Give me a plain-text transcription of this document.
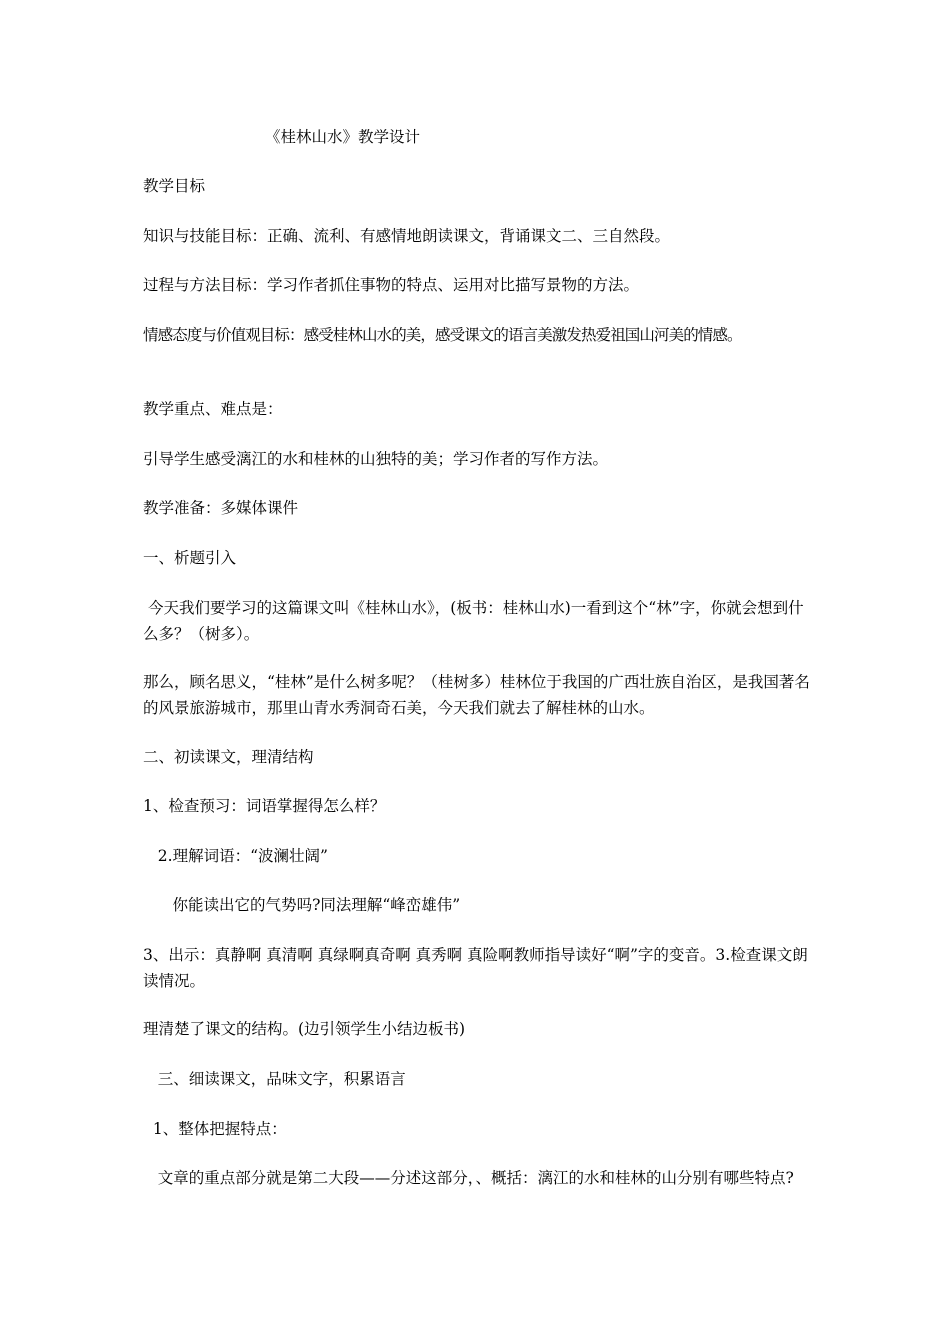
《桂林山水》教学设计
教学目标
知识与技能目标：正确、流利、有感情地朗读课文，背诵课文二、三自然段。
过程与方法目标：学习作者抓住事物的特点、运用对比描写景物的方法。
情感态度与价值观目标：感受桂林山水的美，感受课文的语言美激发热爱祖国山河美的情感。
教学重点、难点是：
引导学生感受漓江的水和桂林的山独特的美；学习作者的写作方法。
教学准备：多媒体课件
一、析题引入
今天我们要学习的这篇课文叫《桂林山水》，(板书：桂林山水)一看到这个“林”字，你就会想到什么多？（树多）。
那么，顾名思义，“桂林”是什么树多呢？（桂树多）桂林位于我国的广西壮族自治区，是我国著名的风景旅游城市，那里山青水秀洞奇石美，今天我们就去了解桂林的山水。
二、初读课文，理清结构
1、检查预习：词语掌握得怎么样？
2.理解词语：“波澜壮阔”
你能读出它的气势吗?同法理解“峰峦雄伟”
3、出示：真静啊 真清啊 真绿啊真奇啊 真秀啊 真险啊教师指导读好“啊”字的变音。3.检查课文朗读情况。
理清楚了课文的结构。(边引领学生小结边板书)
三、细读课文，品味文字，积累语言
1、整体把握特点：
文章的重点部分就是第二大段——分述这部分，、概括：漓江的水和桂林的山分别有哪些特点?
